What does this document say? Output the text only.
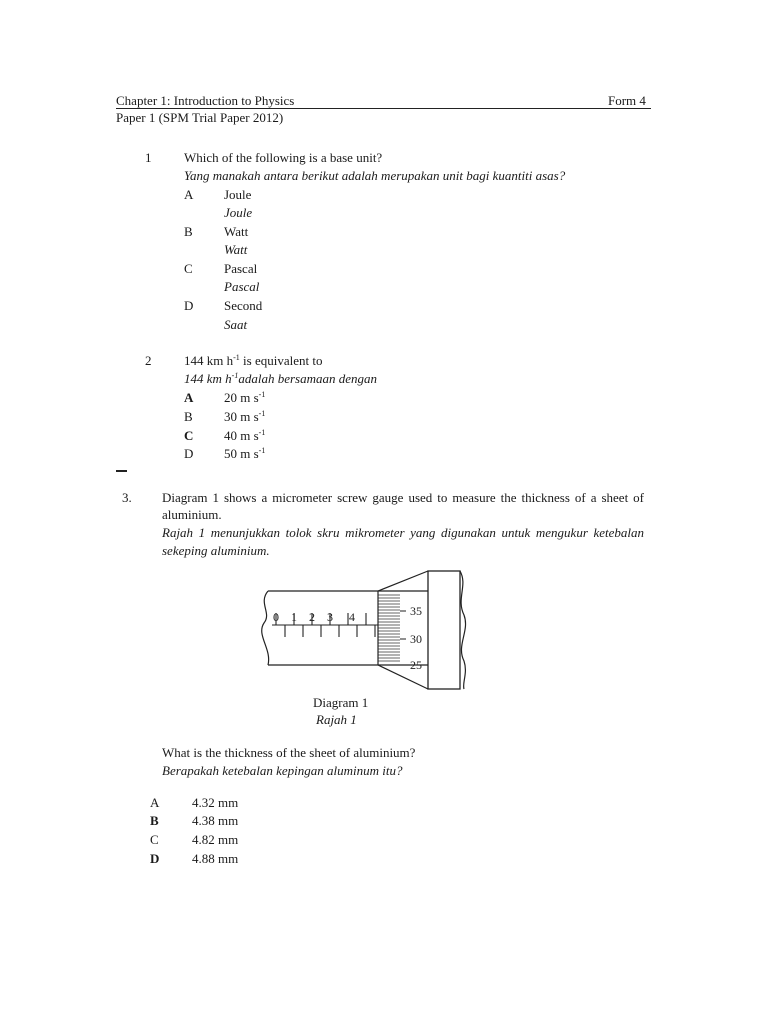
Chapter 1: Introduction to Physics	Form 4
Paper 1 (SPM Trial Paper 2012)
1	Which of the following is a base unit?
Yang manakah antara berikut adalah merupakan unit bagi kuantiti asas?
A Joule
Joule
B Watt
Watt
C Pascal
Pascal
D Second
Saat
2	144 km $h^{-1}$ is equivalent to
144 km $h^{-1}adalah$ bersamaan dengan
A 20 m $s^{-1}$
B 30 m $s^{-1}$
C 40 m $s^{-1}$
D 50 m $s^{-1}$
3. Diagram 1 shows a micrometer screw gauge used to measure the thickness of a sheet of
aluminium.
Rajah 1 menunjukkan tolok skru mikrometer yang digunakan untuk mengukur ketebalan
sekeping aluminium.
0 1 2 3 4	35
30
25
Diagram 1
Rajah 1
What is the thickness of the sheet of aluminium?
Berapakah ketebalan kepingan aluminum itu?
A	4.32 mm
B	4.38 mm
C	4.82 mm
D	4.88 mm
